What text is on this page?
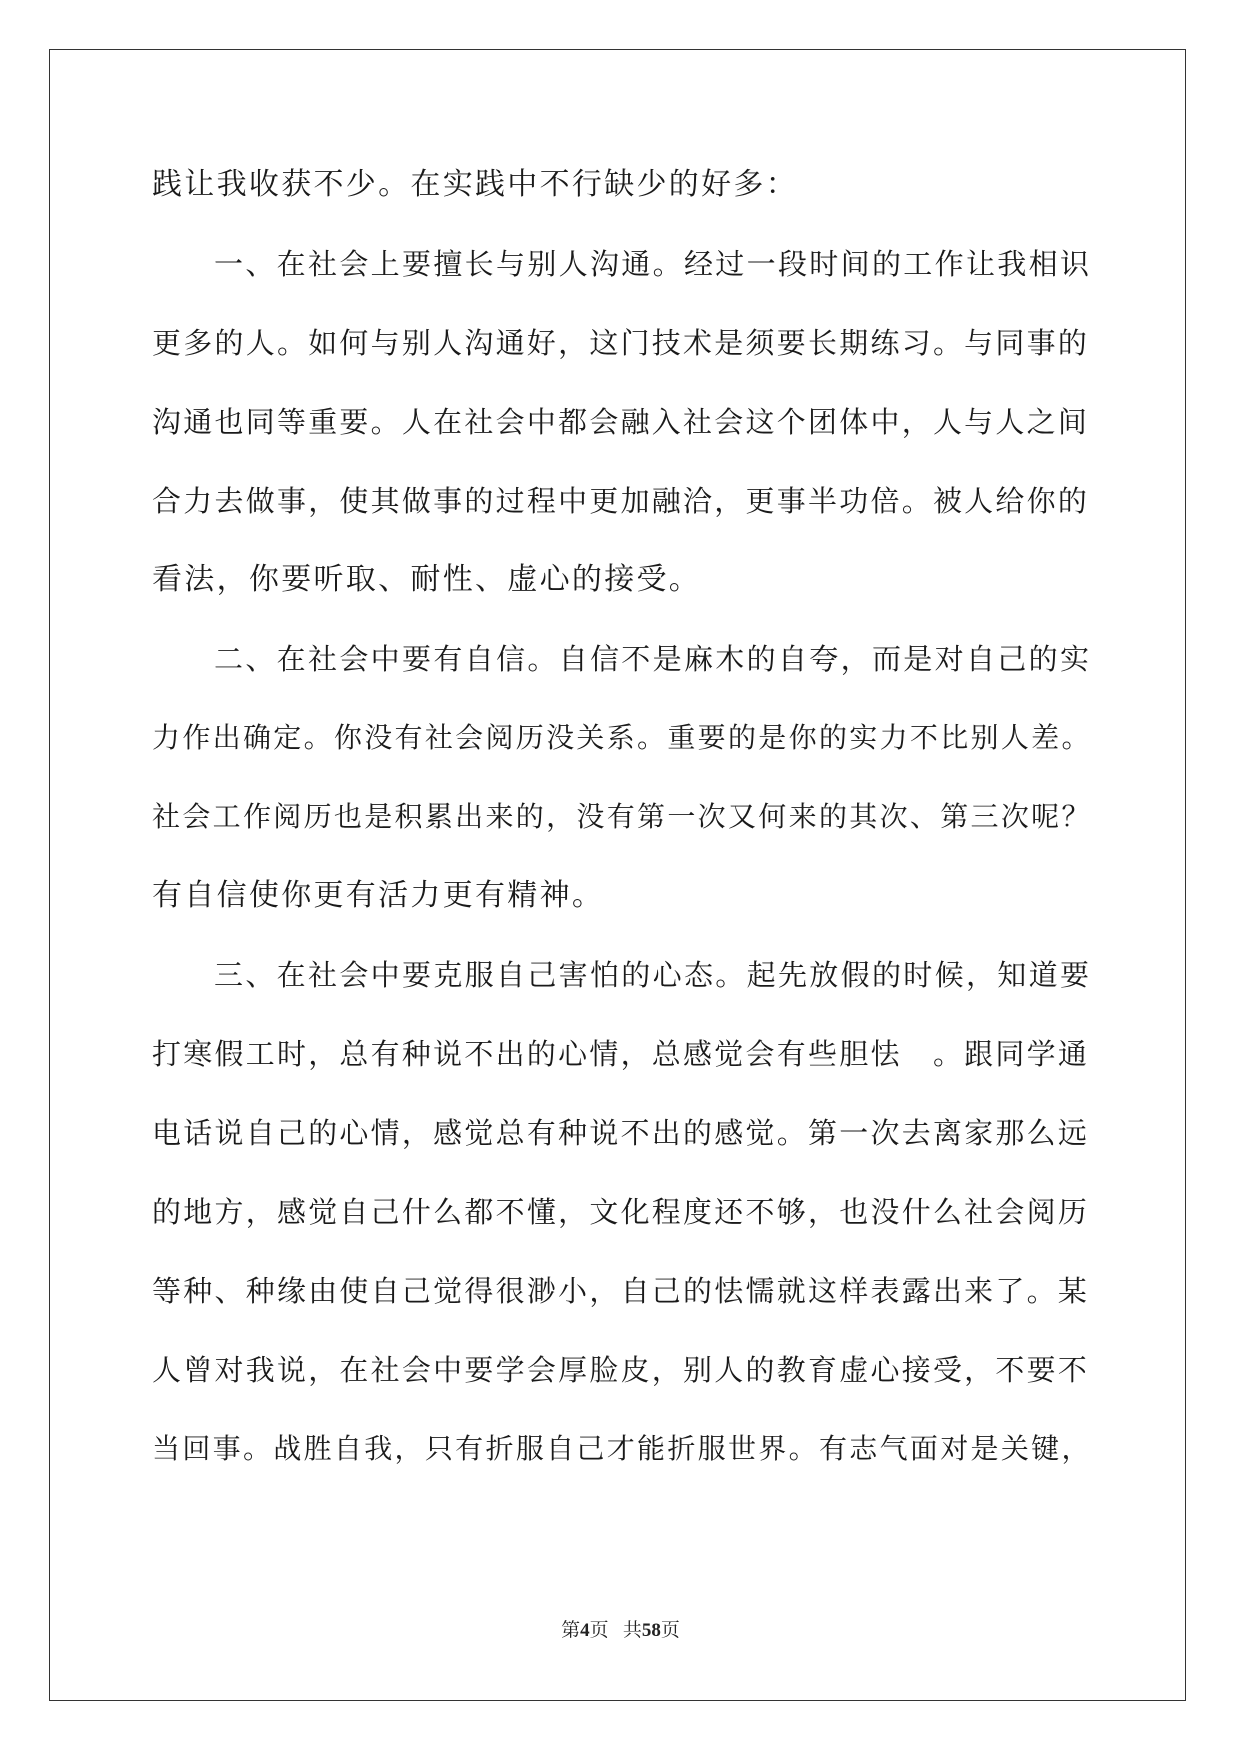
践让我收获不少。在实践中不行缺少的好多：
一、在社会上要擅长与别人沟通。经过一段时间的工作让我相识
更多的人。如何与别人沟通好，这门技术是须要长期练习。与同事的
沟通也同等重要。人在社会中都会融入社会这个团体中，人与人之间
合力去做事，使其做事的过程中更加融洽，更事半功倍。被人给你的
看法，你要听取、耐性、虚心的接受。
二、在社会中要有自信。自信不是麻木的自夸，而是对自己的实
力作出确定。你没有社会阅历没关系。重要的是你的实力不比别人差。
社会工作阅历也是积累出来的，没有第一次又何来的其次、第三次呢？
有自信使你更有活力更有精神。
三、在社会中要克服自己害怕的心态。起先放假的时候，知道要
打寒假工时，总有种说不出的心情，总感觉会有些胆怯　。跟同学通
电话说自己的心情，感觉总有种说不出的感觉。第一次去离家那么远
的地方，感觉自己什么都不懂，文化程度还不够，也没什么社会阅历
等种、种缘由使自己觉得很渺小，自己的怯懦就这样表露出来了。某
人曾对我说，在社会中要学会厚脸皮，别人的教育虚心接受，不要不
当回事。战胜自我，只有折服自己才能折服世界。有志气面对是关键，
第4页 共58页
